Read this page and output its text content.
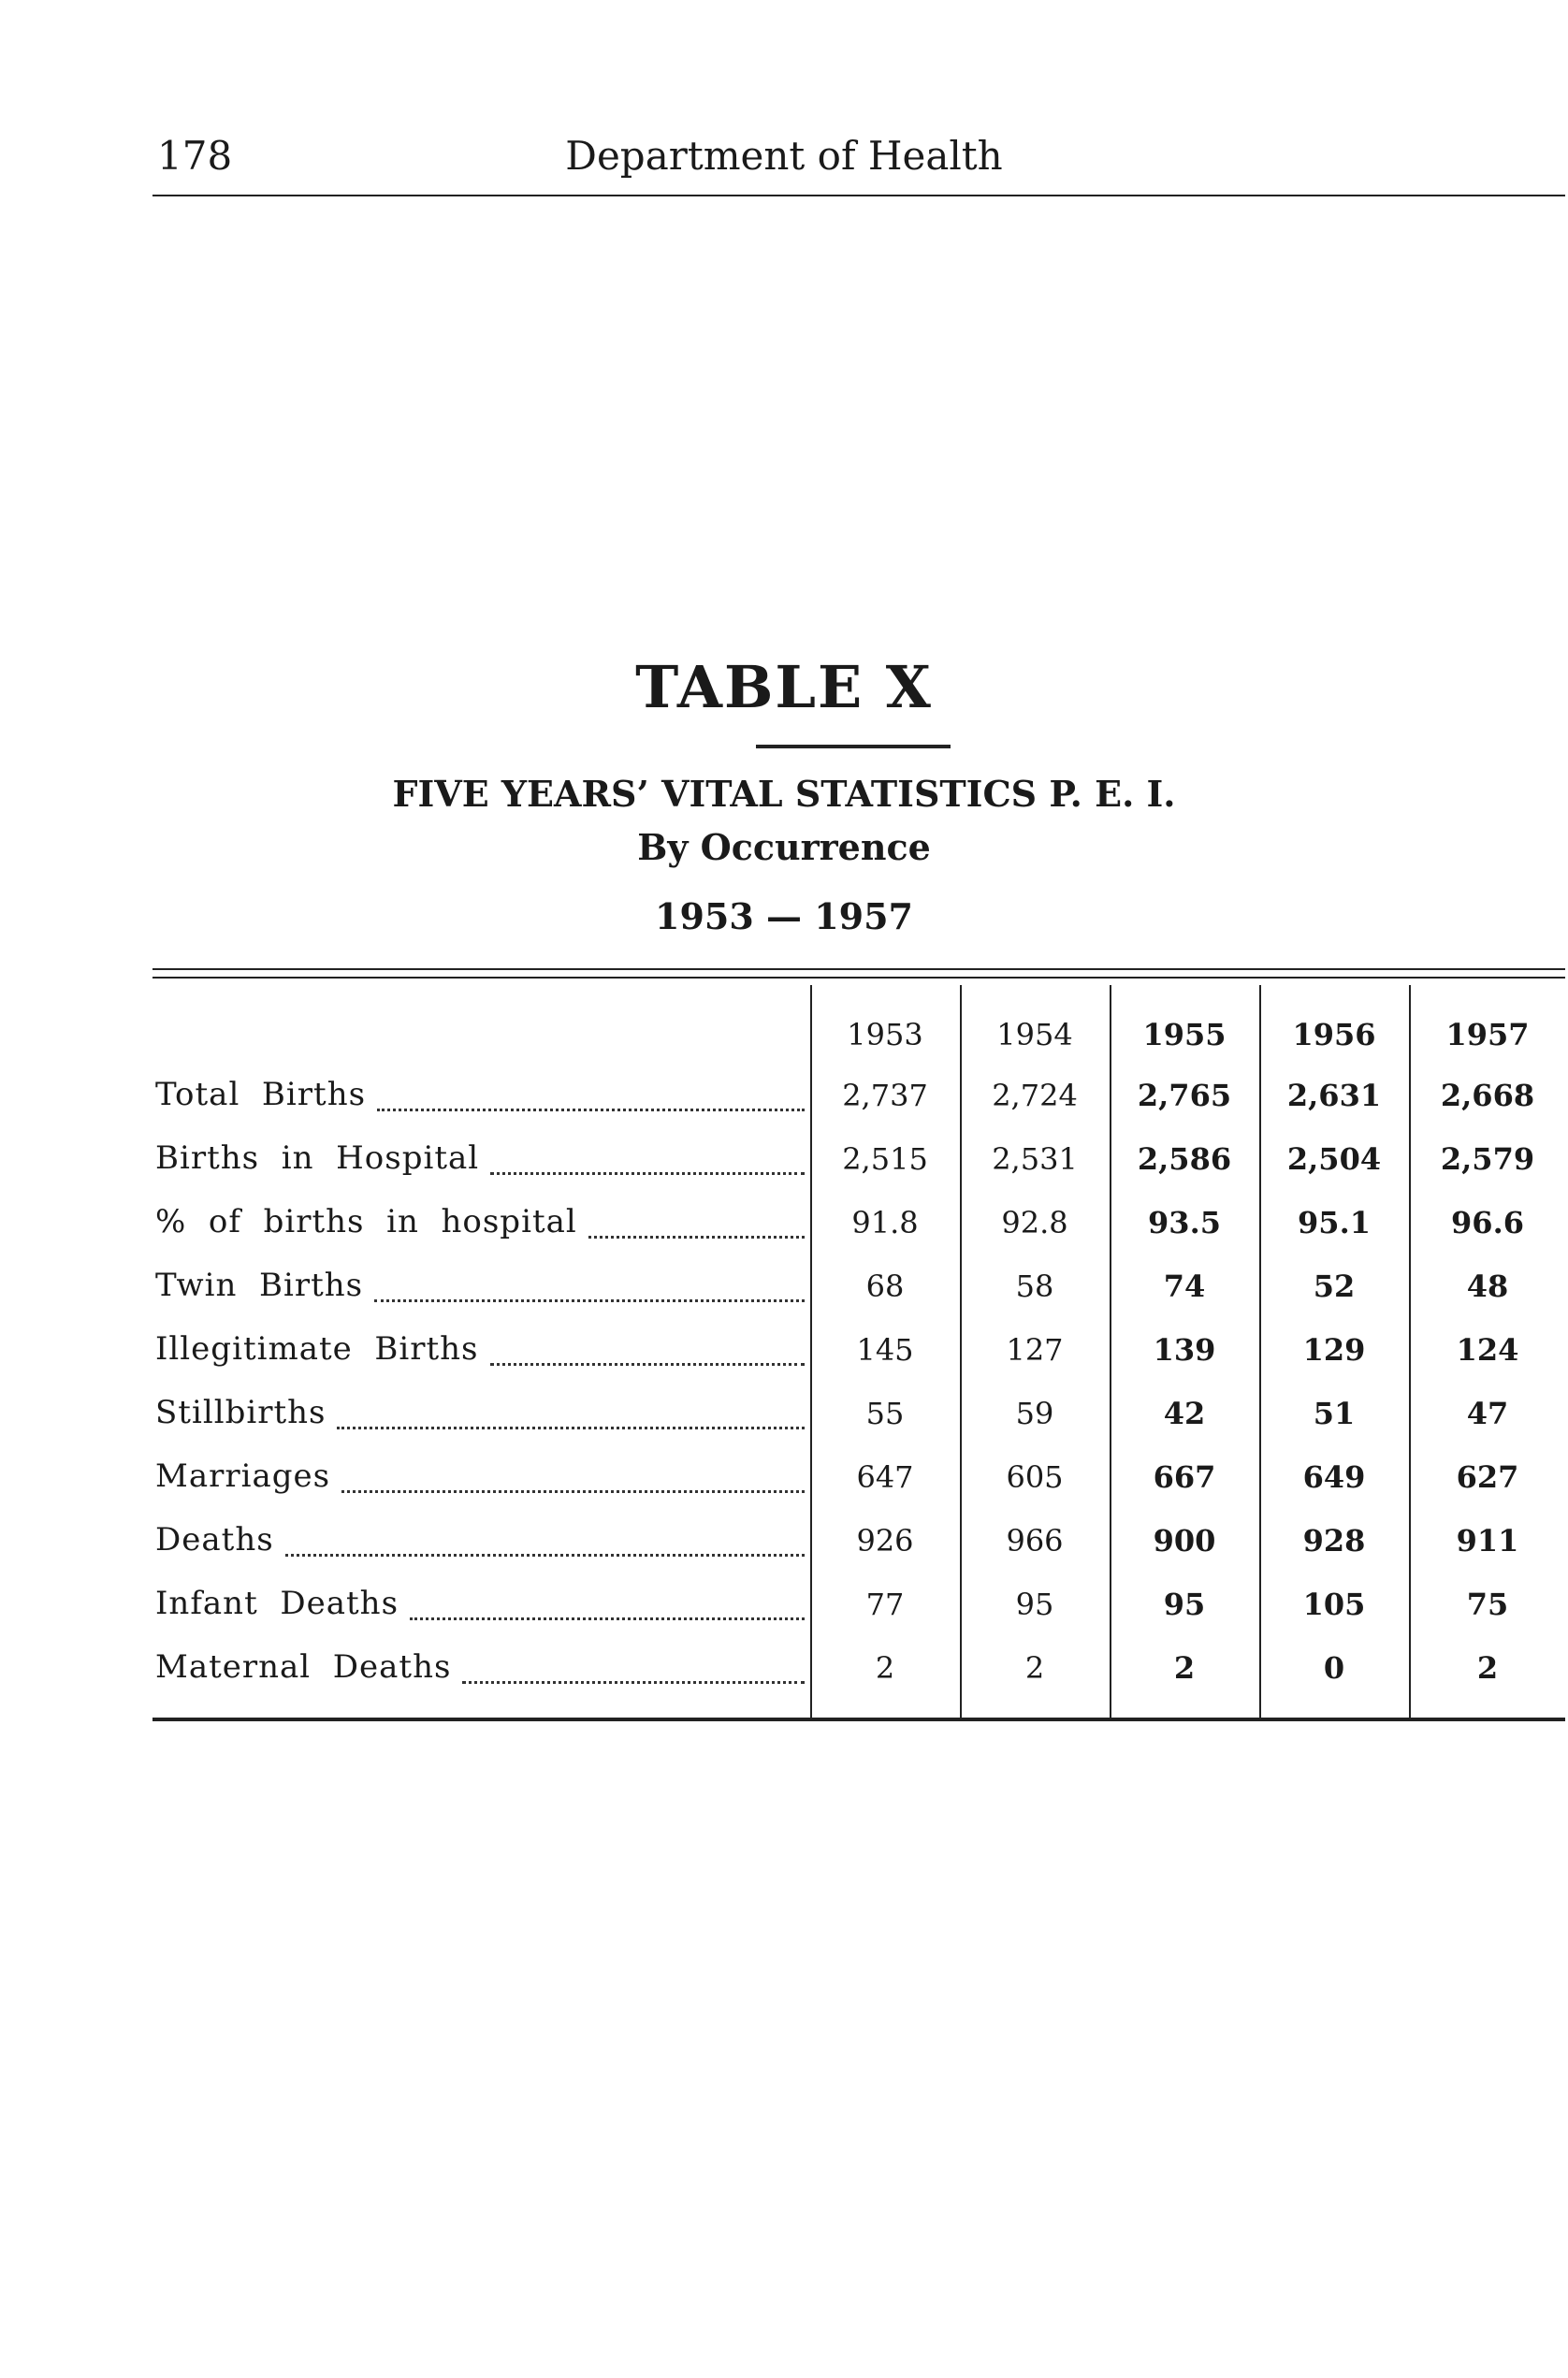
178	Department of Health
TABLE X
FIVE YEARS’ VITAL STATISTICS P. E. I.
By Occurrence
1953 — 1957
1953	1954	1955	1956	1957
Total  Births	2,737	2,724	2,765	2,631	2,668
Births  in  Hospital	2,515	2,531	2,586	2,504	2,579
%  of  births  in  hospital	91.8	92.8	93.5	95.1	96.6
Twin  Births	68	58	74	52	48
Illegitimate  Births	145	127	139	129	124
Stillbirths	55	59	42	51	47
Marriages	647	605	667	649	627
Deaths	926	966	900	928	911
Infant  Deaths	77	95	95	105	75
Maternal  Deaths	2	2	2	0	2
